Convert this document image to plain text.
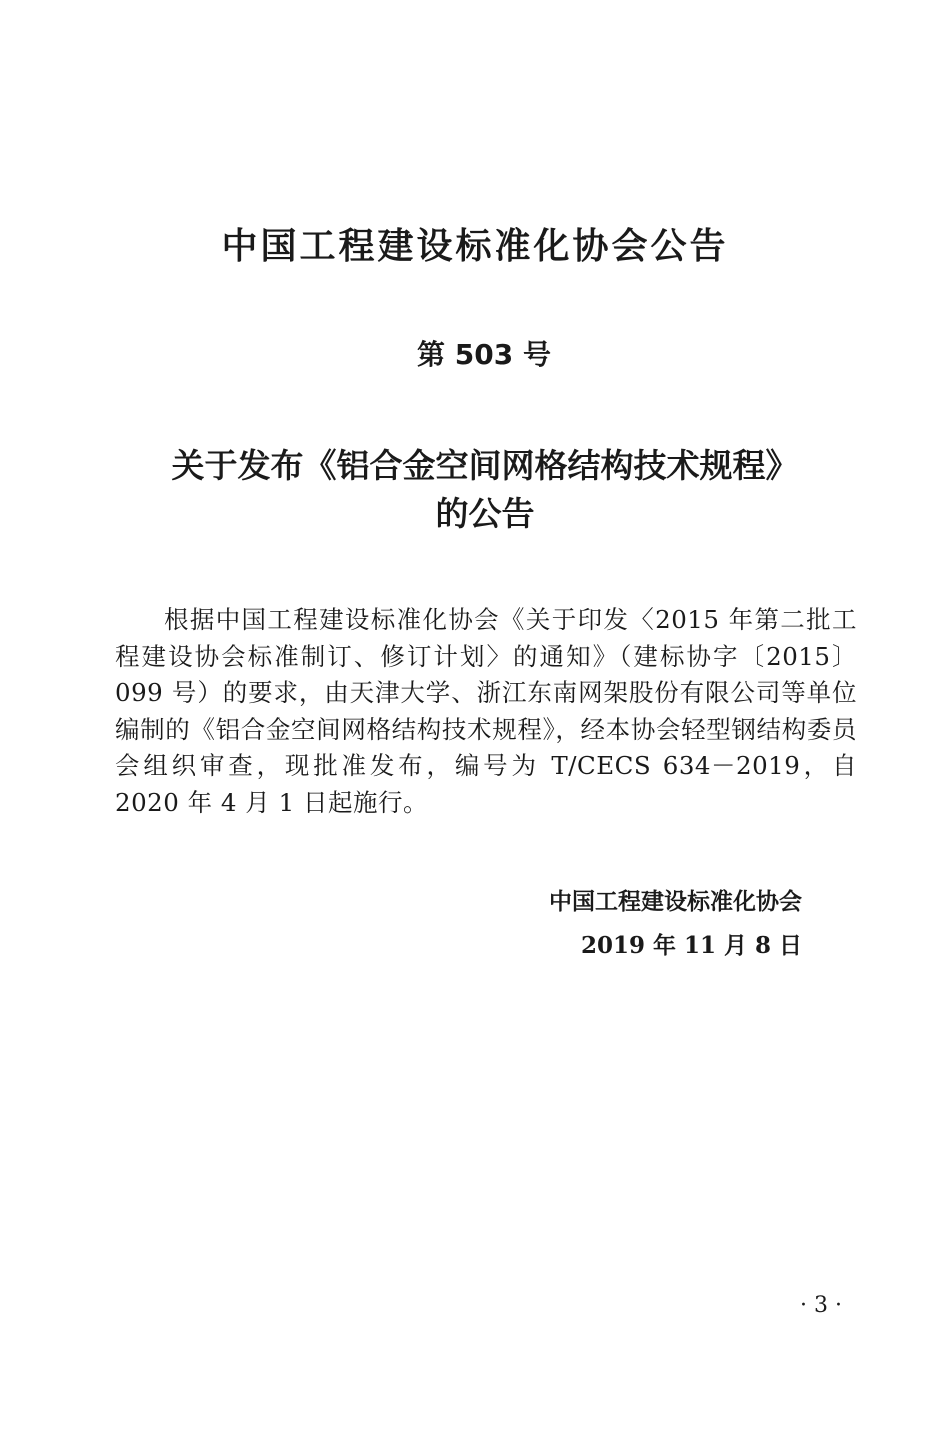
中国工程建设标准化协会公告
第 503 号
关于发布《铝合金空间网格结构技术规程》
的公告

根据中国工程建设标准化协会《关于印发〈2015 年第二批工程建设协会标准制订、修订计划〉的通知》（建标协字〔2015〕099 号）的要求，由天津大学、浙江东南网架股份有限公司等单位编制的《铝合金空间网格结构技术规程》，经本协会轻型钢结构委员会组织审查，现批准发布，编号为 T/CECS 634－2019，自 2020 年 4 月 1 日起施行。

中国工程建设标准化协会

2019 年 11 月 8 日

· 3 ·
